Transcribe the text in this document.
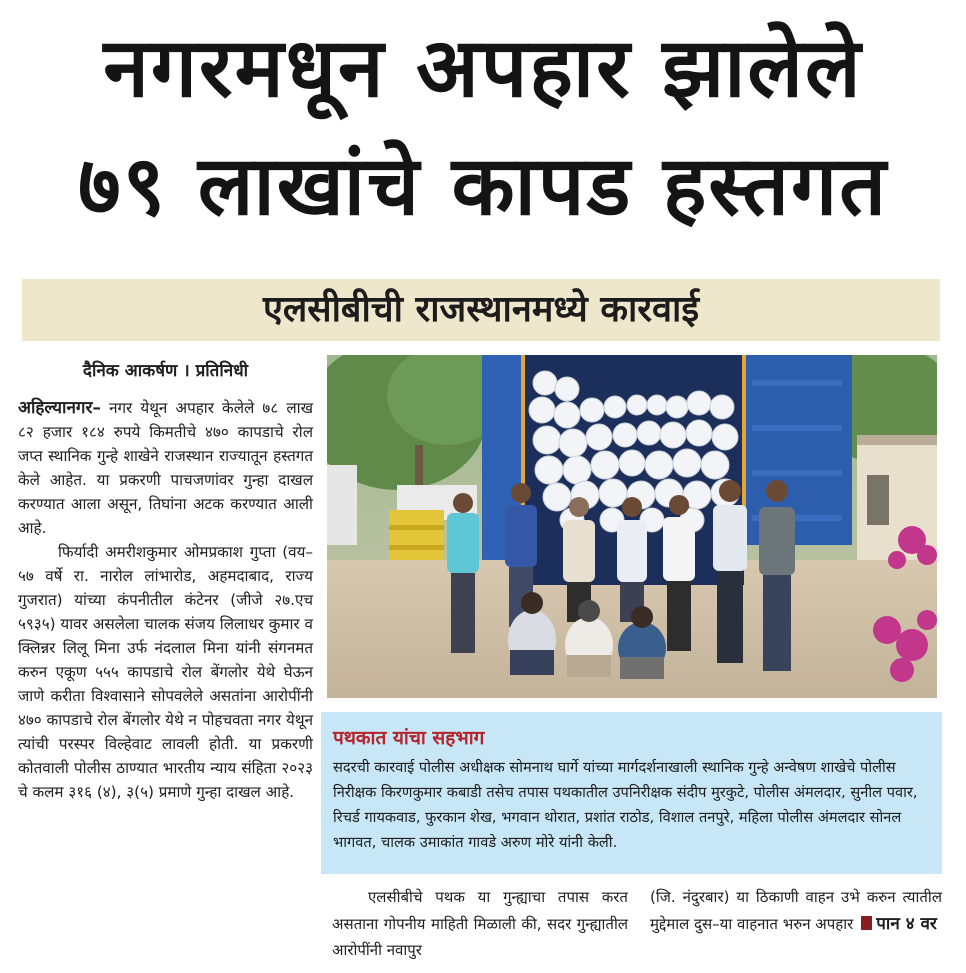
नगरमधून अपहार झालेले
७९ लाखांचे कापड हस्तगत
एलसीबीची राजस्थानमध्ये कारवाई
दैनिक आकर्षण । प्रतिनिधी

अहिल्यानगर– नगर येथून अपहार केलेले ७८ लाख ८२ हजार १८४ रुपये किमतीचे ४७० कापडाचे रोल जप्त स्थानिक गुन्हे शाखेने राजस्थान राज्यातून हस्तगत केले आहेत. या प्रकरणी पाचजणांवर गुन्हा दाखल करण्यात आला असून, तिघांना अटक करण्यात आली आहे.

फिर्यादी अमरीशकुमार ओमप्रकाश गुप्ता (वय–५७ वर्षे रा. नारोल लांभारोड, अहमदाबाद, राज्य गुजरात) यांच्या कंपनीतील कंटेनर (जीजे २७.एच ५९३५) यावर असलेला चालक संजय लिलाधर कुमार व क्लिन्नर लिलू मिना उर्फ नंदलाल मिना यांनी संगनमत करुन एकूण ५५५ कापडाचे रोल बेंगलोर येथे घेऊन जाणे करीता विश्वासाने सोपवलेले असतांना आरोपींनी ४७० कापडाचे रोल बेंगलोर येथे न पोहचवता नगर येथून त्यांची परस्पर विल्हेवाट लावली होती. या प्रकरणी कोतवाली पोलीस ठाण्यात भारतीय न्याय संहिता २०२३ चे कलम ३१६ (४), ३(५) प्रमाणे गुन्हा दाखल आहे.

पथकात यांचा सहभाग
सदरची कारवाई पोलीस अधीक्षक सोमनाथ घार्गे यांच्या मार्गदर्शनाखाली स्थानिक गुन्हे अन्वेषण शाखेचे पोलीस निरीक्षक किरणकुमार कबाडी तसेच तपास पथकातील उपनिरीक्षक संदीप मुरकुटे, पोलीस अंमलदार, सुनील पवार, रिचर्ड गायकवाड, फुरकान शेख, भगवान थोरात, प्रशांत राठोड, विशाल तनपुरे, महिला पोलीस अंमलदार सोनल भागवत, चालक उमाकांत गावडे अरुण मोरे यांनी केली.

एलसीबीचे पथक या गुन्ह्याचा तपास करत असताना गोपनीय माहिती मिळाली की, सदर गुन्ह्यातील आरोपींनी नवापुर

(जि. नंदुरबार) या ठिकाणी वाहन उभे करुन त्यातील मुद्देमाल दुस–या वाहनात भरुन अपहार पान ४ वर
